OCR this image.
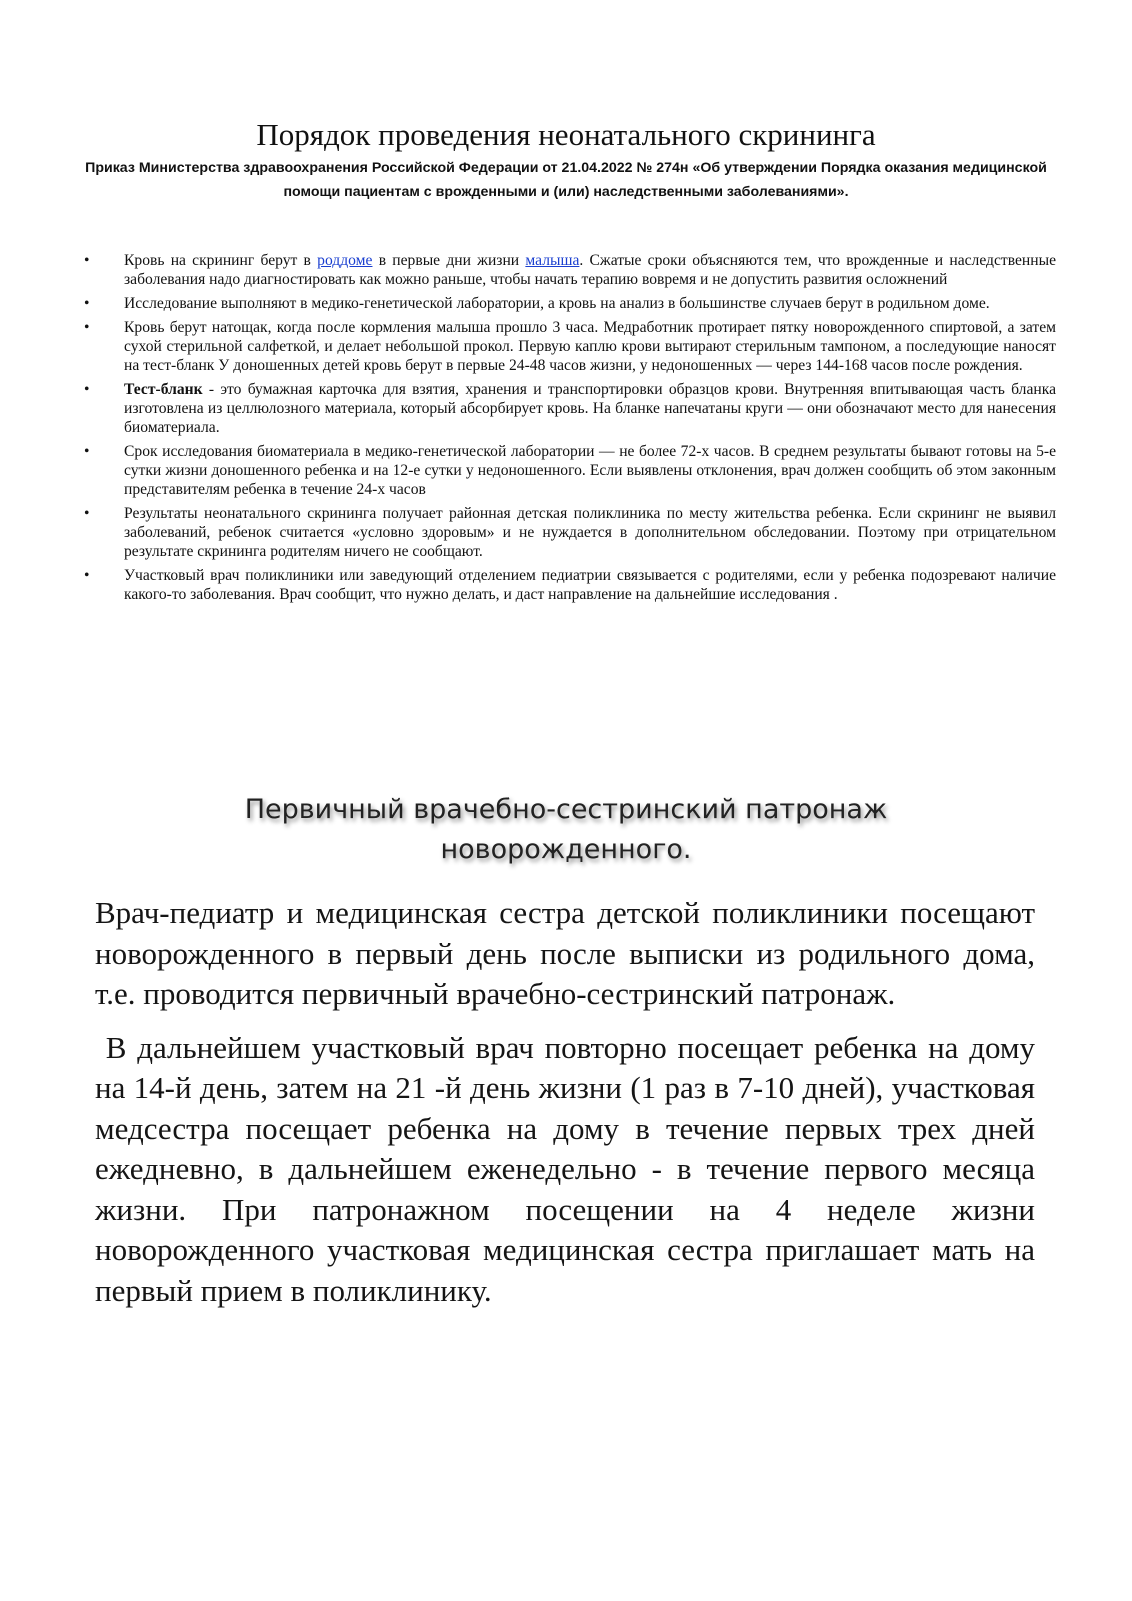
Порядок проведения неонатального скрининга

Приказ Министерства здравоохранения Российской Федерации от 21.04.2022 № 274н «Об утверждении Порядка оказания медицинской помощи пациентам с врожденными и (или) наследственными заболеваниями».

•	Кровь на скрининг берут в роддоме в первые дни жизни малыша. Сжатые сроки объясняются тем, что врожденные и наследственные заболевания надо диагностировать как можно раньше, чтобы начать терапию вовремя и не допустить развития осложнений
•	Исследование выполняют в медико-генетической лаборатории, а кровь на анализ в большинстве случаев берут в родильном доме.
•	Кровь берут натощак, когда после кормления малыша прошло 3 часа. Медработник протирает пятку новорожденного спиртовой, а затем сухой стерильной салфеткой, и делает небольшой прокол. Первую каплю крови вытирают стерильным тампоном, а последующие наносят на тест-бланк У доношенных детей кровь берут в первые 24-48 часов жизни, у недоношенных — через 144-168 часов после рождения.
•	Тест-бланк - это бумажная карточка для взятия, хранения и транспортировки образцов крови. Внутренняя впитывающая часть бланка изготовлена из целлюлозного материала, который абсорбирует кровь. На бланке напечатаны круги — они обозначают место для нанесения биоматериала.
•	Срок исследования биоматериала в медико-генетической лаборатории — не более 72-х часов. В среднем результаты бывают готовы на 5-е сутки жизни доношенного ребенка и на 12-е сутки у недоношенного. Если выявлены отклонения, врач должен сообщить об этом законным представителям ребенка в течение 24-х часов
•	Результаты неонатального скрининга получает районная детская поликлиника по месту жительства ребенка. Если скрининг не выявил заболеваний, ребенок считается «условно здоровым» и не нуждается в дополнительном обследовании. Поэтому при отрицательном результате скрининга родителям ничего не сообщают.
•	Участковый врач поликлиники или заведующий отделением педиатрии связывается с родителями, если у ребенка подозревают наличие какого-то заболевания. Врач сообщит, что нужно делать, и даст направление на дальнейшие исследования .
Первичный врачебно-сестринский патронаж
новорожденного.

Врач-педиатр и медицинская сестра детской поликлиники посещают новорожденного в первый день после выписки из родильного дома, т.е. проводится первичный врачебно-сестринский патронаж.

В дальнейшем участковый врач повторно посещает ребенка на дому на 14-й день, затем на 21 -й день жизни (1 раз в 7-10 дней), участковая медсестра посещает ребенка на дому в течение первых трех дней ежедневно, в дальнейшем еженедельно - в течение первого месяца жизни. При патронажном посещении на 4 неделе жизни новорожденного участковая медицинская сестра приглашает мать на первый прием в поликлинику.
